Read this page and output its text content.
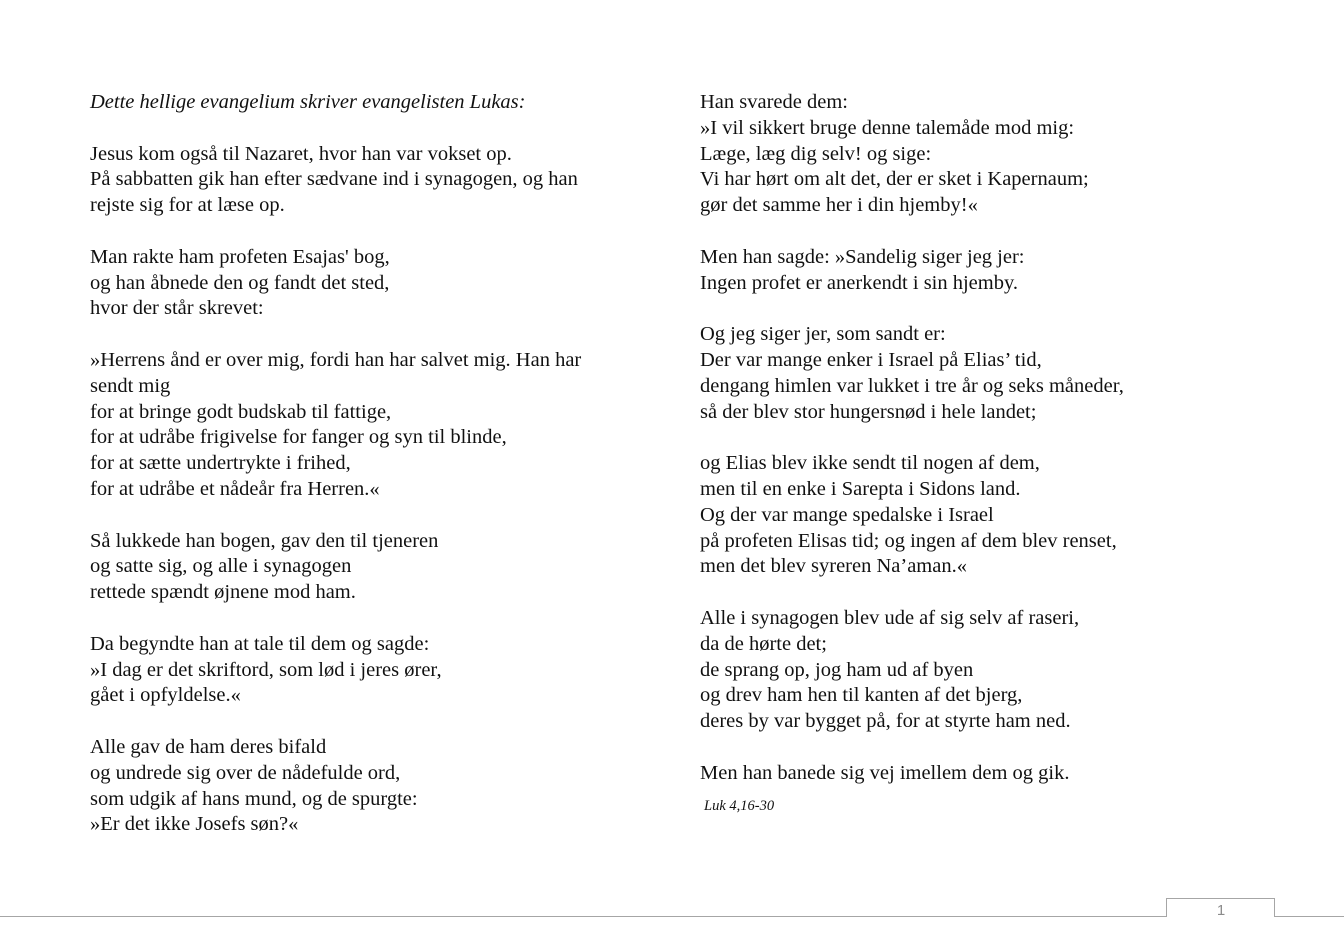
Dette hellige evangelium skriver evangelisten Lukas:
Jesus kom også til Nazaret, hvor han var vokset op.
På sabbatten gik han efter sædvane ind i synagogen, og han
rejste sig for at læse op.
Man rakte ham profeten Esajas' bog,
og han åbnede den og fandt det sted,
hvor der står skrevet:
»Herrens ånd er over mig, fordi han har salvet mig. Han har
sendt mig
for at bringe godt budskab til fattige,
for at udråbe frigivelse for fanger og syn til blinde,
for at sætte undertrykte i frihed,
for at udråbe et nådeår fra Herren.«
Så lukkede han bogen, gav den til tjeneren
og satte sig, og alle i synagogen
rettede spændt øjnene mod ham.
Da begyndte han at tale til dem og sagde:
»I dag er det skriftord, som lød i jeres ører,
gået i opfyldelse.«
Alle gav de ham deres bifald
og undrede sig over de nådefulde ord,
som udgik af hans mund, og de spurgte:
»Er det ikke Josefs søn?«
Han svarede dem:
»I vil sikkert bruge denne talemåde mod mig:
Læge, læg dig selv! og sige:
Vi har hørt om alt det, der er sket i Kapernaum;
gør det samme her i din hjemby!«
Men han sagde: »Sandelig siger jeg jer:
Ingen profet er anerkendt i sin hjemby.
Og jeg siger jer, som sandt er:
Der var mange enker i Israel på Elias’ tid,
dengang himlen var lukket i tre år og seks måneder,
så der blev stor hungersnød i hele landet;
og Elias blev ikke sendt til nogen af dem,
men til en enke i Sarepta i Sidons land.
Og der var mange spedalske i Israel
på profeten Elisas tid; og ingen af dem blev renset,
men det blev syreren Na’aman.«
Alle i synagogen blev ude af sig selv af raseri,
da de hørte det;
de sprang op, jog ham ud af byen
og drev ham hen til kanten af det bjerg,
deres by var bygget på, for at styrte ham ned.
Men han banede sig vej imellem dem og gik.
Luk 4,16-30
1
